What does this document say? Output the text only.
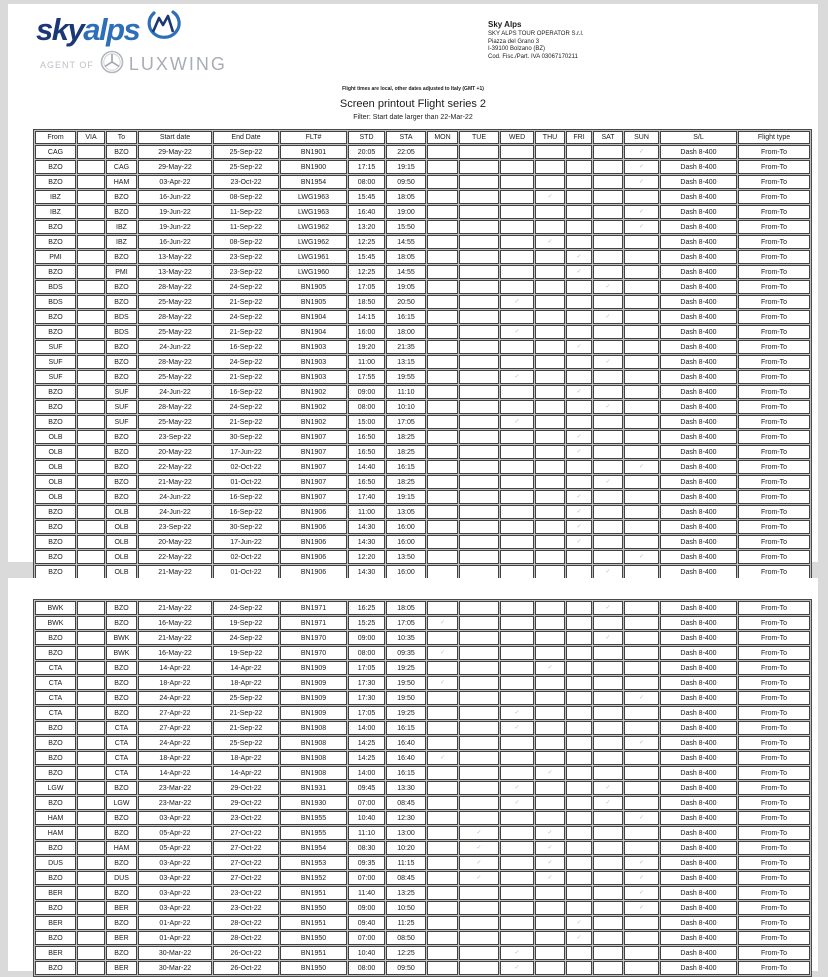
skyalps
AGENT OF LUXWING
Sky Alps
SKY ALPS TOUR OPERATOR S.r.l.
Piazza del Grano 3
I-39100 Bolzano (BZ)
Cod. Fisc./Part. IVA 03067170211
Flight times are local, other dates adjusted to Italy (GMT +1)
Screen printout Flight series 2
Filter: Start date larger than 22-Mar-22
From	VIA	To	Start date	End Date	FLT#	STD	STA	MON	TUE	WED	THU	FRI	SAT	SUN	S/L	Flight type
CAG		BZO	29-May-22	25-Sep-22	BN1901	20:05	22:05							✓	Dash 8-400	From-To
BZO		CAG	29-May-22	25-Sep-22	BN1900	17:15	19:15							✓	Dash 8-400	From-To
BZO		HAM	03-Apr-22	23-Oct-22	BN1954	08:00	09:50							✓	Dash 8-400	From-To
IBZ		BZO	16-Jun-22	08-Sep-22	LWG1963	15:45	18:05				✓				Dash 8-400	From-To
IBZ		BZO	19-Jun-22	11-Sep-22	LWG1963	16:40	19:00							✓	Dash 8-400	From-To
BZO		IBZ	19-Jun-22	11-Sep-22	LWG1962	13:20	15:50							✓	Dash 8-400	From-To
BZO		IBZ	16-Jun-22	08-Sep-22	LWG1962	12:25	14:55				✓				Dash 8-400	From-To
PMI		BZO	13-May-22	23-Sep-22	LWG1961	15:45	18:05					✓			Dash 8-400	From-To
BZO		PMI	13-May-22	23-Sep-22	LWG1960	12:25	14:55					✓			Dash 8-400	From-To
BDS		BZO	28-May-22	24-Sep-22	BN1905	17:05	19:05						✓		Dash 8-400	From-To
BDS		BZO	25-May-22	21-Sep-22	BN1905	18:50	20:50			✓					Dash 8-400	From-To
BZO		BDS	28-May-22	24-Sep-22	BN1904	14:15	16:15						✓		Dash 8-400	From-To
BZO		BDS	25-May-22	21-Sep-22	BN1904	16:00	18:00			✓					Dash 8-400	From-To
SUF		BZO	24-Jun-22	16-Sep-22	BN1903	19:20	21:35					✓			Dash 8-400	From-To
SUF		BZO	28-May-22	24-Sep-22	BN1903	11:00	13:15						✓		Dash 8-400	From-To
SUF		BZO	25-May-22	21-Sep-22	BN1903	17:55	19:55			✓					Dash 8-400	From-To
BZO		SUF	24-Jun-22	16-Sep-22	BN1902	09:00	11:10					✓			Dash 8-400	From-To
BZO		SUF	28-May-22	24-Sep-22	BN1902	08:00	10:10						✓		Dash 8-400	From-To
BZO		SUF	25-May-22	21-Sep-22	BN1902	15:00	17:05			✓					Dash 8-400	From-To
OLB		BZO	23-Sep-22	30-Sep-22	BN1907	16:50	18:25					✓			Dash 8-400	From-To
OLB		BZO	20-May-22	17-Jun-22	BN1907	16:50	18:25					✓			Dash 8-400	From-To
OLB		BZO	22-May-22	02-Oct-22	BN1907	14:40	16:15							✓	Dash 8-400	From-To
OLB		BZO	21-May-22	01-Oct-22	BN1907	16:50	18:25						✓		Dash 8-400	From-To
OLB		BZO	24-Jun-22	16-Sep-22	BN1907	17:40	19:15					✓			Dash 8-400	From-To
BZO		OLB	24-Jun-22	16-Sep-22	BN1906	11:00	13:05					✓			Dash 8-400	From-To
BZO		OLB	23-Sep-22	30-Sep-22	BN1906	14:30	16:00					✓			Dash 8-400	From-To
BZO		OLB	20-May-22	17-Jun-22	BN1906	14:30	16:00					✓			Dash 8-400	From-To
BZO		OLB	22-May-22	02-Oct-22	BN1906	12:20	13:50							✓	Dash 8-400	From-To
BZO		OLB	21-May-22	01-Oct-22	BN1906	14:30	16:00						✓		Dash 8-400	From-To

BWK		BZO	21-May-22	24-Sep-22	BN1971	16:25	18:05						✓		Dash 8-400	From-To
BWK		BZO	16-May-22	19-Sep-22	BN1971	15:25	17:05	✓							Dash 8-400	From-To
BZO		BWK	21-May-22	24-Sep-22	BN1970	09:00	10:35						✓		Dash 8-400	From-To
BZO		BWK	16-May-22	19-Sep-22	BN1970	08:00	09:35	✓							Dash 8-400	From-To
CTA		BZO	14-Apr-22	14-Apr-22	BN1909	17:05	19:25				✓				Dash 8-400	From-To
CTA		BZO	18-Apr-22	18-Apr-22	BN1909	17:30	19:50	✓							Dash 8-400	From-To
CTA		BZO	24-Apr-22	25-Sep-22	BN1909	17:30	19:50							✓	Dash 8-400	From-To
CTA		BZO	27-Apr-22	21-Sep-22	BN1909	17:05	19:25			✓					Dash 8-400	From-To
BZO		CTA	27-Apr-22	21-Sep-22	BN1908	14:00	16:15			✓					Dash 8-400	From-To
BZO		CTA	24-Apr-22	25-Sep-22	BN1908	14:25	16:40							✓	Dash 8-400	From-To
BZO		CTA	18-Apr-22	18-Apr-22	BN1908	14:25	16:40	✓							Dash 8-400	From-To
BZO		CTA	14-Apr-22	14-Apr-22	BN1908	14:00	16:15				✓				Dash 8-400	From-To
LGW		BZO	23-Mar-22	29-Oct-22	BN1931	09:45	13:30			✓			✓		Dash 8-400	From-To
BZO		LGW	23-Mar-22	29-Oct-22	BN1930	07:00	08:45			✓			✓		Dash 8-400	From-To
HAM		BZO	03-Apr-22	23-Oct-22	BN1955	10:40	12:30							✓	Dash 8-400	From-To
HAM		BZO	05-Apr-22	27-Oct-22	BN1955	11:10	13:00		✓		✓				Dash 8-400	From-To
BZO		HAM	05-Apr-22	27-Oct-22	BN1954	08:30	10:20		✓		✓				Dash 8-400	From-To
DUS		BZO	03-Apr-22	27-Oct-22	BN1953	09:35	11:15		✓		✓			✓	Dash 8-400	From-To
BZO		DUS	03-Apr-22	27-Oct-22	BN1952	07:00	08:45		✓		✓			✓	Dash 8-400	From-To
BER		BZO	03-Apr-22	23-Oct-22	BN1951	11:40	13:25							✓	Dash 8-400	From-To
BZO		BER	03-Apr-22	23-Oct-22	BN1950	09:00	10:50							✓	Dash 8-400	From-To
BER		BZO	01-Apr-22	28-Oct-22	BN1951	09:40	11:25					✓			Dash 8-400	From-To
BZO		BER	01-Apr-22	28-Oct-22	BN1950	07:00	08:50					✓			Dash 8-400	From-To
BER		BZO	30-Mar-22	26-Oct-22	BN1951	10:40	12:25			✓					Dash 8-400	From-To
BZO		BER	30-Mar-22	26-Oct-22	BN1950	08:00	09:50			✓					Dash 8-400	From-To
